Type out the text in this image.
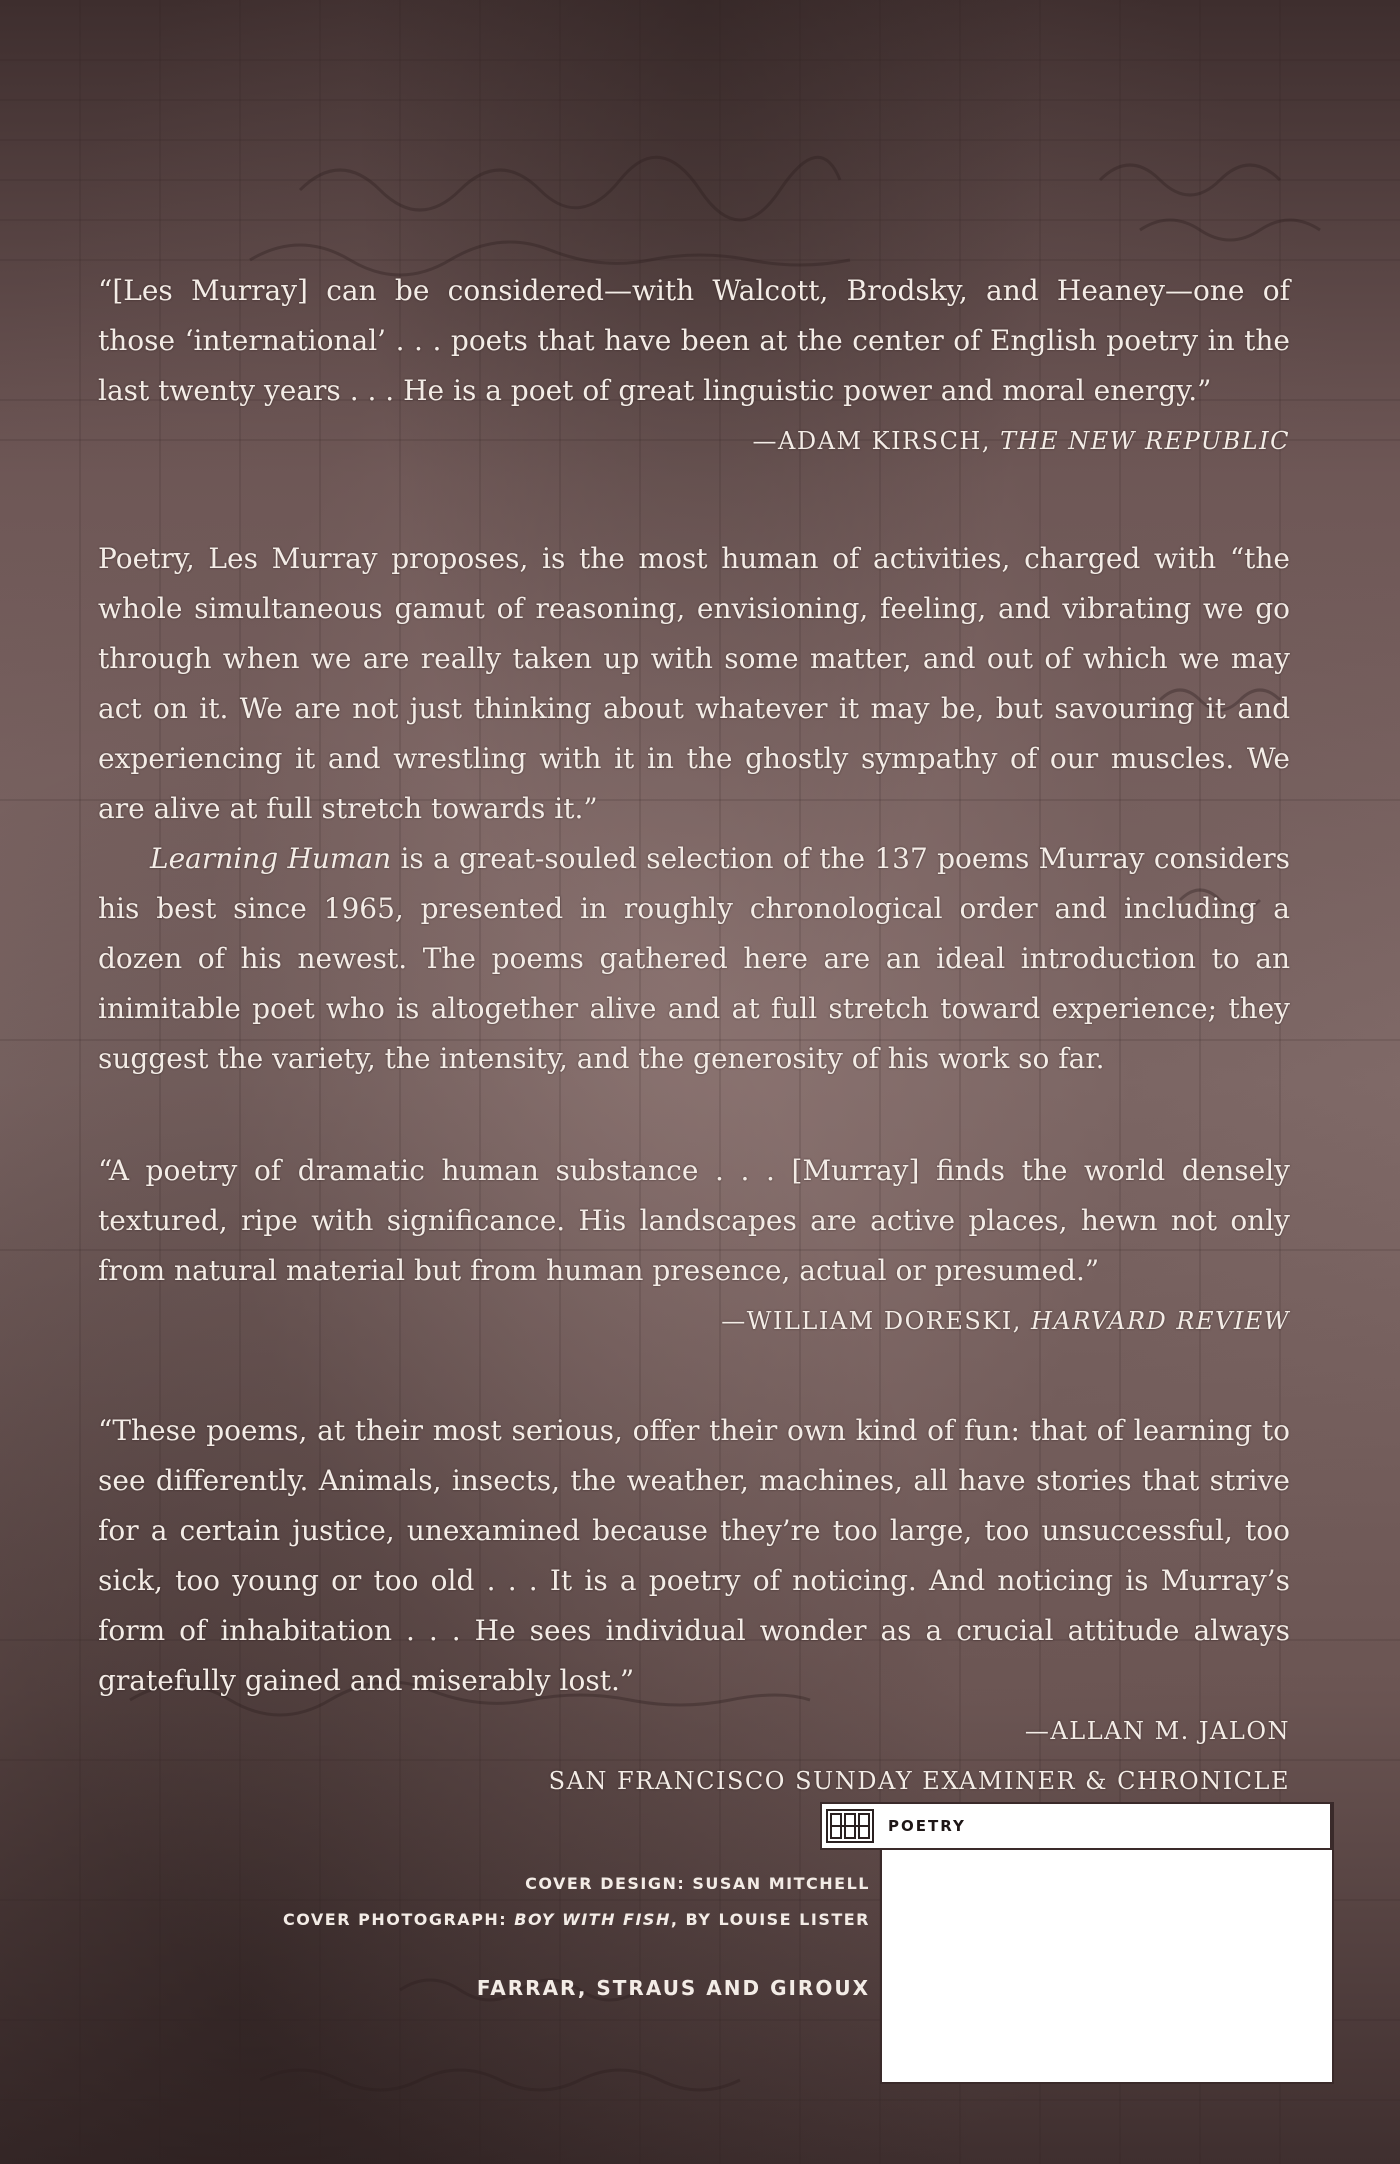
“[Les Murray] can be considered—with Walcott, Brodsky, and Heaney—one of those ‘international’ . . . poets that have been at the center of English poetry in the last twenty years . . . He is a poet of great linguistic power and moral energy.”

—ADAM KIRSCH, THE NEW REPUBLIC

Poetry, Les Murray proposes, is the most human of activities, charged with “the whole simultaneous gamut of reasoning, envisioning, feeling, and vibrating we go through when we are really taken up with some matter, and out of which we may act on it. We are not just thinking about whatever it may be, but savouring it and experiencing it and wrestling with it in the ghostly sympathy of our muscles. We are alive at full stretch towards it.”

Learning Human is a great-souled selection of the 137 poems Murray considers his best since 1965, presented in roughly chronological order and including a dozen of his newest. The poems gathered here are an ideal introduction to an inimitable poet who is altogether alive and at full stretch toward experience; they suggest the variety, the intensity, and the generosity of his work so far.

“A poetry of dramatic human substance . . . [Murray] finds the world densely textured, ripe with significance. His landscapes are active places, hewn not only from natural material but from human presence, actual or presumed.”

—WILLIAM DORESKI, HARVARD REVIEW

“These poems, at their most serious, offer their own kind of fun: that of learning to see differently. Animals, insects, the weather, machines, all have stories that strive for a certain justice, unexamined because they’re too large, too unsuccessful, too sick, too young or too old . . . It is a poetry of noticing. And noticing is Murray’s form of inhabitation . . . He sees individual wonder as a crucial attitude always gratefully gained and miserably lost.”

—ALLAN M. JALON

SAN FRANCISCO SUNDAY EXAMINER & CHRONICLE

COVER DESIGN: SUSAN MITCHELL
COVER PHOTOGRAPH: BOY WITH FISH, BY LOUISE LISTER
FARRAR, STRAUS AND GIROUX
POETRY
